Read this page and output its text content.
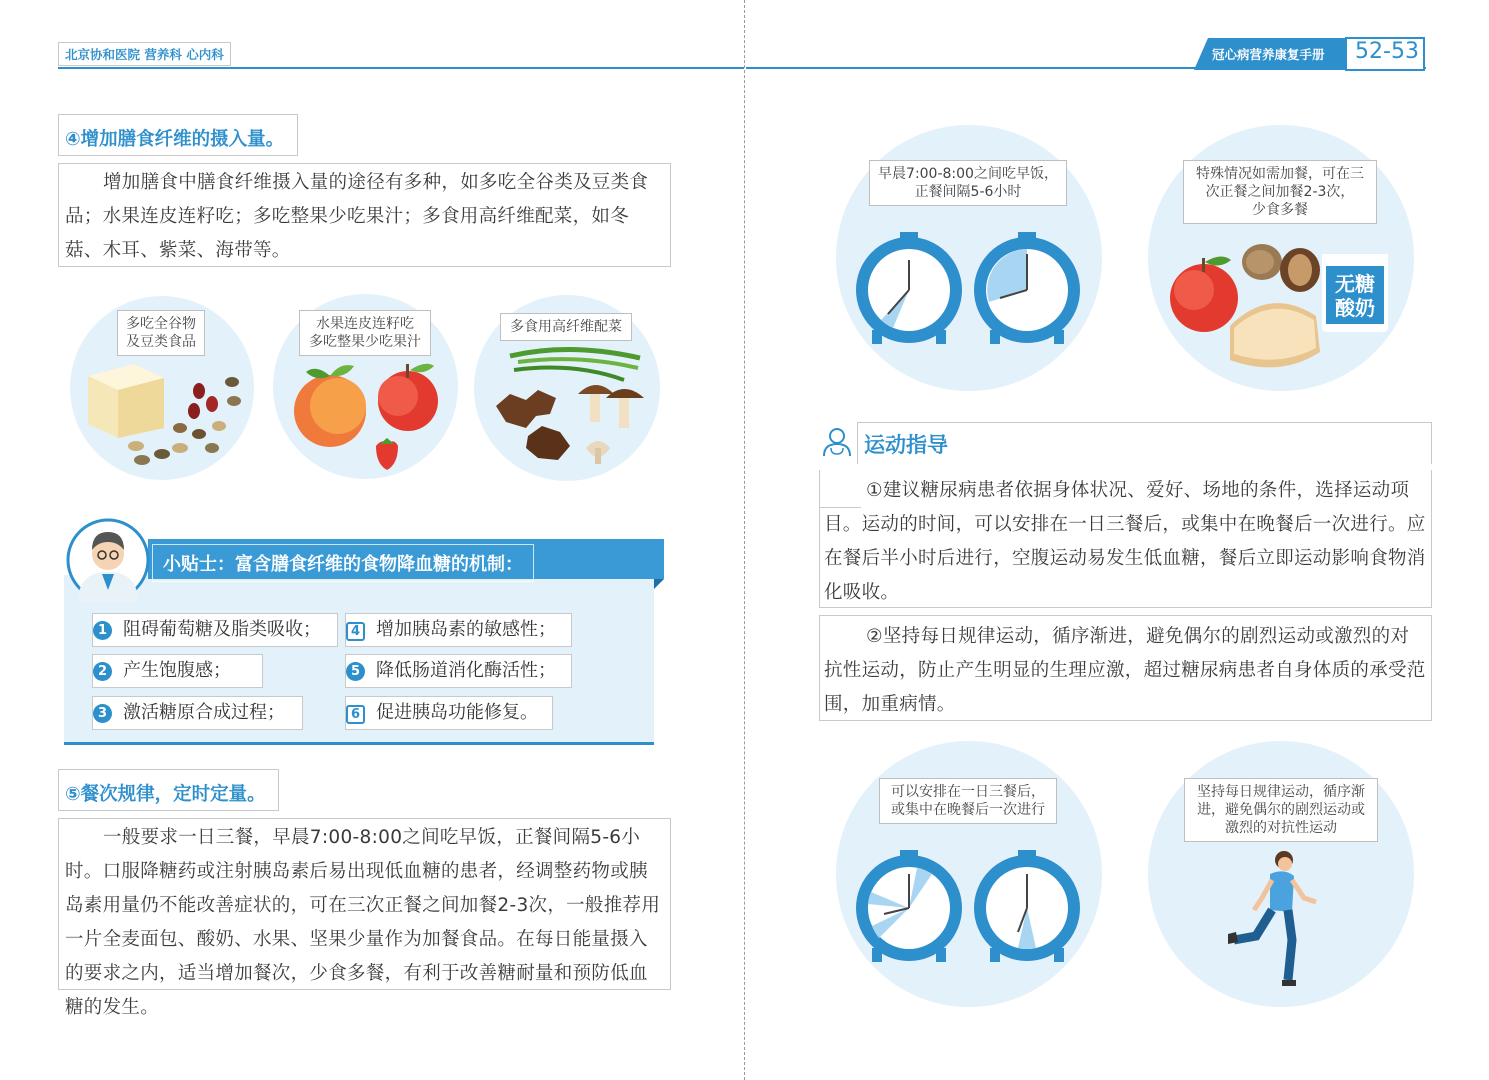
北京协和医院 营养科 心内科	冠心病营养康复手册 52-53
④增加膳食纤维的摄入量。
增加膳食中膳食纤维摄入量的途径有多种，如多吃全谷类及豆类食品；水果连皮连籽吃；多吃整果少吃果汁；多食用高纤维配菜，如冬菇、木耳、紫菜、海带等。
多吃全谷物
及豆类食品
水果连皮连籽吃
多吃整果少吃果汁
多食用高纤维配菜
小贴士：富含膳食纤维的食物降血糖的机制：
1 阻碍葡萄糖及脂类吸收；	4 增加胰岛素的敏感性；
2 产生饱腹感；	5 降低肠道消化酶活性；
3 激活糖原合成过程；	6 促进胰岛功能修复。
⑤餐次规律，定时定量。
一般要求一日三餐，早晨7:00-8:00之间吃早饭，正餐间隔5-6小时。口服降糖药或注射胰岛素后易出现低血糖的患者，经调整药物或胰岛素用量仍不能改善症状的，可在三次正餐之间加餐2-3次，一般推荐用一片全麦面包、酸奶、水果、坚果少量作为加餐食品。在每日能量摄入的要求之内，适当增加餐次，少食多餐，有利于改善糖耐量和预防低血糖的发生。
早晨7:00-8:00之间吃早饭，
正餐间隔5-6小时
特殊情况如需加餐，可在三
次正餐之间加餐2-3次，
少食多餐
无糖
酸奶
运动指导
①建议糖尿病患者依据身体状况、爱好、场地的条件，选择运动项目。运动的时间，可以安排在一日三餐后，或集中在晚餐后一次进行。应在餐后半小时后进行，空腹运动易发生低血糖，餐后立即运动影响食物消化吸收。
②坚持每日规律运动，循序渐进，避免偶尔的剧烈运动或激烈的对抗性运动，防止产生明显的生理应激，超过糖尿病患者自身体质的承受范围，加重病情。
可以安排在一日三餐后，
或集中在晚餐后一次进行
坚持每日规律运动，循序渐
进，避免偶尔的剧烈运动或
激烈的对抗性运动
